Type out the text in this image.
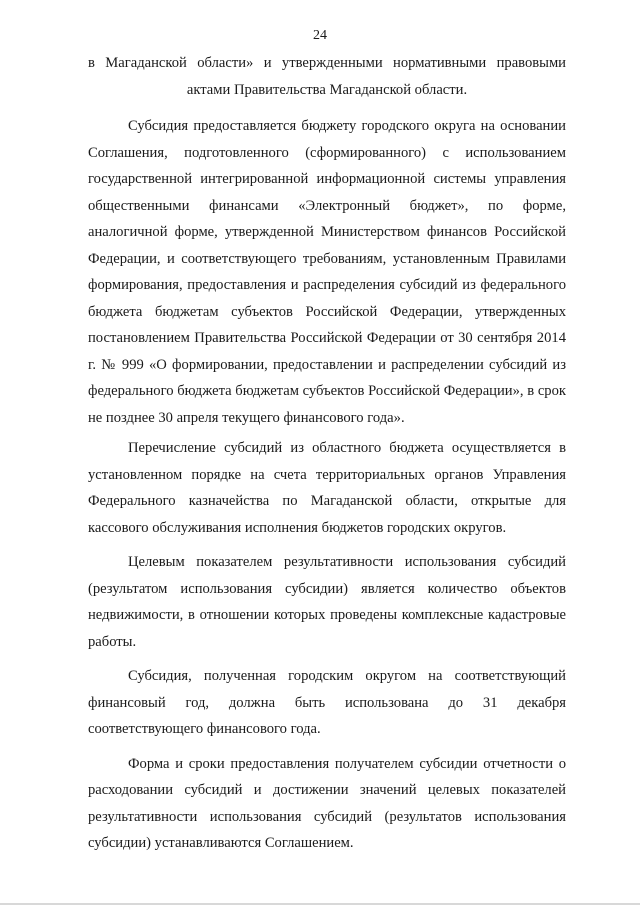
24
в Магаданской области» и утвержденными нормативными правовыми
актами Правительства Магаданской области.

Субсидия предоставляется бюджету городского округа на основании Соглашения, подготовленного (сформированного) с использованием государственной интегрированной информационной системы управления общественными финансами «Электронный бюджет», по форме, аналогичной форме, утвержденной Министерством финансов Российской Федерации, и соответствующего требованиям, установленным Правилами формирования, предоставления и распределения субсидий из федерального бюджета бюджетам субъектов Российской Федерации, утвержденных постановлением Правительства Российской Федерации от 30 сентября 2014 г. № 999 «О формировании, предоставлении и распределении субсидий из федерального бюджета бюджетам субъектов Российской Федерации», в срок не позднее 30 апреля текущего финансового года».

Перечисление субсидий из областного бюджета осуществляется в установленном порядке на счета территориальных органов Управления Федерального казначейства по Магаданской области, открытые для кассового обслуживания исполнения бюджетов городских округов.

Целевым показателем результативности использования субсидий (результатом использования субсидии) является количество объектов недвижимости, в отношении которых проведены комплексные кадастровые работы.

Субсидия, полученная городским округом на соответствующий финансовый год, должна быть использована до 31 декабря соответствующего финансового года.

Форма и сроки предоставления получателем субсидии отчетности о расходовании субсидий и достижении значений целевых показателей результативности использования субсидий (результатов использования субсидии) устанавливаются Соглашением.
